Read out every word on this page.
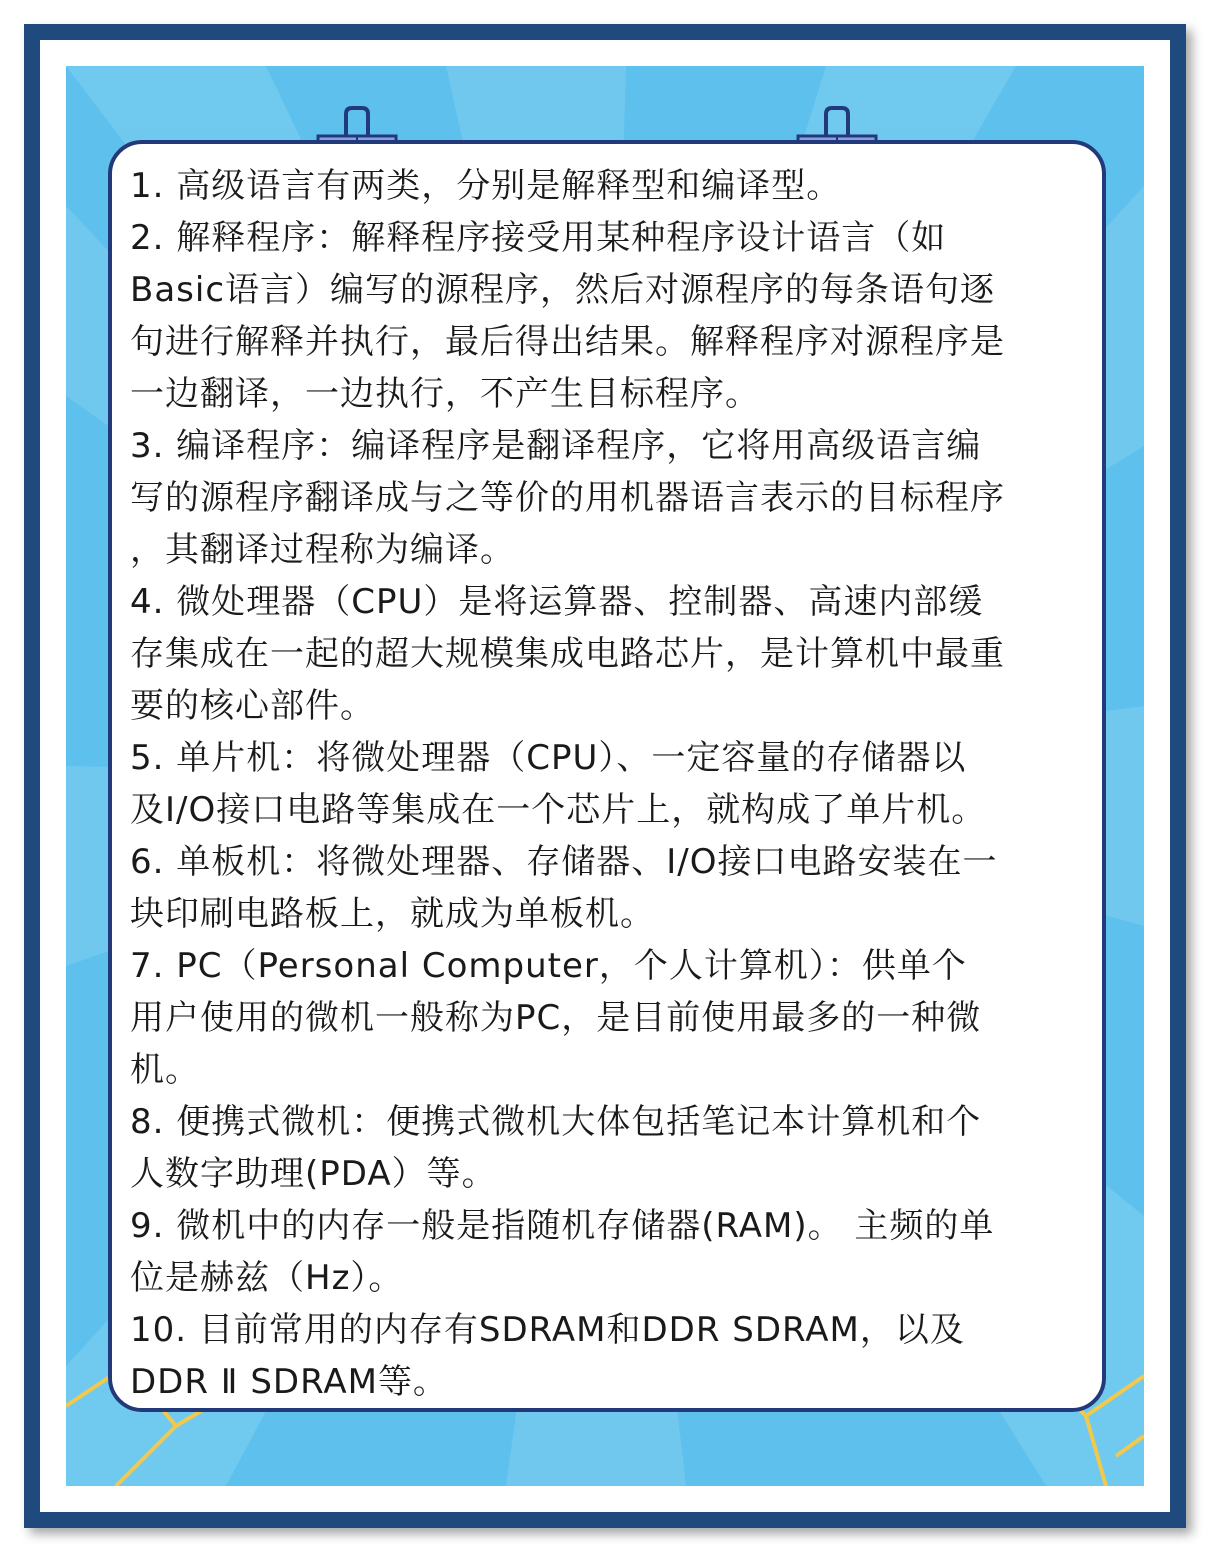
1. 高级语言有两类，分别是解释型和编译型。

2. 解释程序：解释程序接受用某种程序设计语言（如

Basic语言）编写的源程序，然后对源程序的每条语句逐

句进行解释并执行，最后得出结果。解释程序对源程序是

一边翻译，一边执行，不产生目标程序。

3. 编译程序：编译程序是翻译程序，它将用高级语言编

写的源程序翻译成与之等价的用机器语言表示的目标程序

，其翻译过程称为编译。

4. 微处理器（CPU）是将运算器、控制器、高速内部缓

存集成在一起的超大规模集成电路芯片，是计算机中最重

要的核心部件。

5. 单片机：将微处理器（CPU）、一定容量的存储器以

及I/O接口电路等集成在一个芯片上，就构成了单片机。

6. 单板机：将微处理器、存储器、I/O接口电路安装在一

块印刷电路板上，就成为单板机。

7. PC（Personal Computer，个人计算机）：供单个

用户使用的微机一般称为PC，是目前使用最多的一种微

机。

8. 便携式微机：便携式微机大体包括笔记本计算机和个

人数字助理(PDA）等。

9. 微机中的内存一般是指随机存储器(RAM)。 主频的单

位是赫兹（Hz）。

10. 目前常用的内存有SDRAM和DDR SDRAM，以及

DDR Ⅱ SDRAM等。
